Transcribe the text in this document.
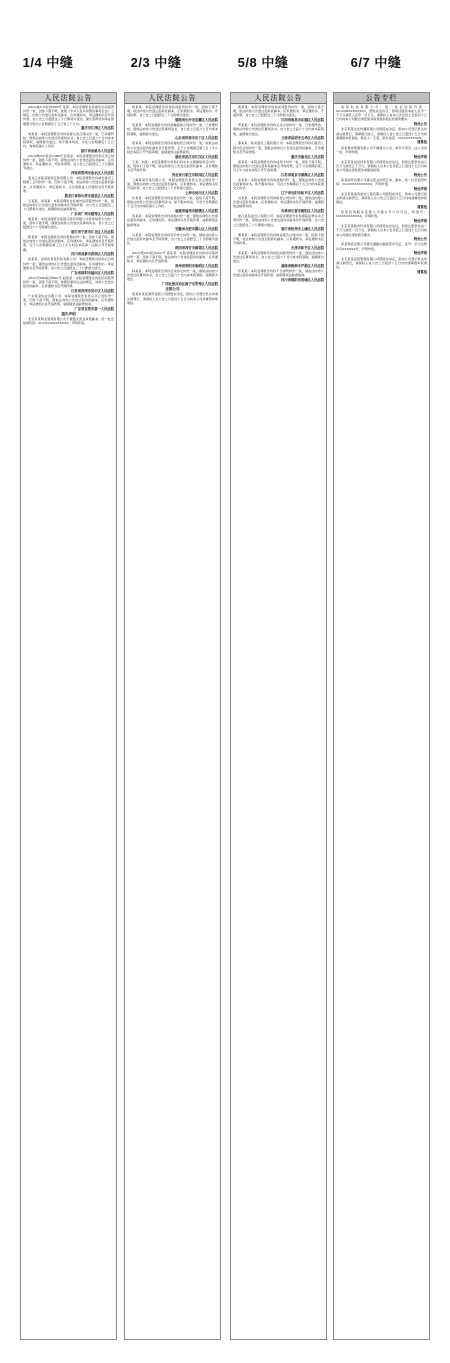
1/4 中缝	2/3 中缝	5/8 中缝	6/7 中缝
人民法院公告

(2021)渝0116民初9300号 某某：本院受理原告诉被告民间借贷纠纷一案，因你下落不明，依照《中华人民共和国民事诉讼法》之规定，向你公告送达起诉状副本、应诉通知书、举证通知书及开庭传票。自公告之日起经过三十日即视为送达。提出答辩状和举证的期限分别为公告期满后十五日和三十日内。

重庆市江津区人民法院

刘某某：本院受理原告诉你房屋买卖合同纠纷一案，已审理终结。现依法向你公告送达民事判决书。自公告之日起六十日内来本院领取，逾期视为送达。如不服本判决，可在公告期满后十五日内，向本院递交上诉状。

浙江省余姚市人民法院

(2021)豫0105民初15288号 张某某：本院受理原告诉你买卖合同纠纷一案，因你下落不明，现依法向你公告送达起诉状副本、应诉通知书、举证通知书、开庭传票等。自公告之日起经过三十日即视为送达。

河南省郑州市金水区人民法院

黑龙江省某某建筑安装有限公司：本院受理原告诉被告建设工程施工合同纠纷一案，因你下落不明，依法向你公告送达起诉状副本、应诉通知书、举证通知书、合议庭组成人员通知书及开庭传票。

黑龙江省哈尔滨市道里区人民法院

王某某、李某某：本院受理原告诉被告民间借贷纠纷一案，现依法向你们公告送达起诉状副本及开庭传票。自公告之日起经过三十日即视为送达，逾期将依法缺席裁判。

广东省广州市越秀区人民法院

周某某：本院受理原告某银行股份有限公司诉你信用卡纠纷一案，因你下落不明，现依法向你公告送达民事判决书。自公告之日起经过六十日即视为送达。

浙江省宁波市江北区人民法院

陈某某：本院受理原告诉你离婚纠纷一案，因你下落不明，现依法向你公告送达起诉状副本、应诉通知书、举证通知书及开庭传票，定于公告期满后第三日上午九时在本院第一法庭公开开庭审理。

四川省成都市武侯区人民法院

孙某某、深圳市某某科技有限公司：本院受理原告诉你们合同纠纷一案，现依法向你们公告送达起诉状副本、应诉通知书、举证通知书及开庭传票。自公告之日起经过三十日即视为送达。

广东省深圳市福田区人民法院

(2021)苏0506民初8821号 赵某某：本院受理原告诉你民间借贷纠纷一案，因你下落不明，依照民事诉讼法的规定，向你公告送达起诉状副本、应诉通知书及开庭传票。

江苏省苏州市吴中区人民法院

广东某某实业有限公司：本院受理原告诉你买卖合同纠纷一案，因你下落不明，现依法向你公告送达起诉状副本、应诉通知书、举证通知书及开庭传票。逾期将依法缺席判决。

广东省东莞市第一人民法院
遗失声明

北京某某物业管理有限公司不慎遗失营业执照副本，统一社会信用代码：91110105XXXXXXXX，声明作废。

人民法院公告

杨某某：本院受理原告诉你民间借贷纠纷一案，因你下落不明，依法向你公告送达起诉状副本、应诉通知书、举证通知书、开庭传票。自公告之日起经过三十日即视为送达。

湖南省长沙市岳麓区人民法院

吴某某：本院受理原告诉你金融借款合同纠纷一案，已审理终结。现依法向你公告送达民事判决书，自公告之日起六十日内来本院领取，逾期视为送达。

山东省济南市历下区人民法院

郑某某：本院受理原告诉你房屋租赁合同纠纷一案，现依法向你公告送达起诉状副本及开庭传票，定于公告期满后第三日上午九时在本院公开开庭审理，逾期将依法缺席裁判。

湖北省武汉市江汉区人民法院

王某、刘某：本院受理原告诉你们机动车交通事故责任纠纷一案，因你们下落不明，依法向你们公告送达起诉状副本、应诉通知书及开庭传票。

河北省石家庄市桥西区人民法院

上海某某贸易有限公司：本院受理原告诉你买卖合同纠纷一案，现依法向你公告送达起诉状副本、应诉通知书、举证通知书及开庭传票。自公告之日起经过三十日即视为送达。

上海市闵行区人民法院

许某某：本院受理原告诉你追偿权纠纷一案，因你下落不明，现依法向你公告送达民事判决书。如不服本判决，可在公告期满后十五日内向本院递交上诉状。

福建省福州市鼓楼区人民法院

何某某：本院受理原告诉你离婚纠纷一案，现依法向你公告送达起诉状副本、应诉通知书、举证通知书及开庭传票。逾期将依法缺席判决。

安徽省合肥市蜀山区人民法院

马某某：本院受理原告诉你劳动争议纠纷一案，现依法向你公告送达起诉状副本及开庭传票，自公告之日起经过三十日即视为送达。

陕西省西安市雁塔区人民法院

(2021)贵0102民初6611号 高某某：本院受理原告诉你民间借贷纠纷一案，因你下落不明，依法向你公告送达起诉状副本、应诉通知书、举证通知书及开庭传票。

贵州省贵阳市南明区人民法院

林某某：本院受理原告诉你合伙协议纠纷一案，现依法向你公告送达民事判决书，自公告之日起六十日内来本院领取，逾期视为送达。

广西壮族自治区南宁市青秀区人民法院
注销公告

某某市某某商贸有限公司经股东决定，拟向公司登记机关申请注销登记，请债权人自公告之日起四十五日内向本公司清算组申报债权。

人民法院公告

黄某某：本院受理原告诉你民间借贷纠纷一案，因你下落不明，依法向你公告送达起诉状副本、应诉通知书、举证通知书、开庭传票。自公告之日起经过三十日即视为送达。

江西省南昌市东湖区人民法院

罗某某：本院受理原告诉你买卖合同纠纷一案，已审理终结。现依法向你公告送达民事判决书，自公告之日起六十日内来本院领取，逾期视为送达。

云南省昆明市五华区人民法院

谢某某、某某建设工程有限公司：本院受理原告诉你们建设工程分包合同纠纷一案，现依法向你们公告送达起诉状副本、应诉通知书及开庭传票。

重庆市渝北区人民法院

唐某某：本院受理原告诉你信用卡纠纷一案，因你下落不明，现依法向你公告送达起诉状副本及开庭传票，定于公告期满后第三日上午九时在本院公开开庭审理。

江苏省南京市秦淮区人民法院

宋某某：本院受理原告诉你离婚纠纷一案，现依法向你公告送达民事判决书。如不服本判决，可在公告期满后十五日内向本院递交上诉状。

辽宁省沈阳市和平区人民法院

冯某某：本院受理原告诉你租赁合同纠纷一案，现依法向你公告送达起诉状副本、应诉通知书、举证通知书及开庭传票。逾期将依法缺席判决。

吉林省长春市朝阳区人民法院

浙江某某进出口有限公司：本院受理原告诉你国际货物买卖合同纠纷一案，现依法向你公告送达起诉状副本及开庭传票，自公告之日起经过三十日即视为送达。

浙江省杭州市上城区人民法院

曹某某：本院受理原告诉你物业服务合同纠纷一案，因你下落不明，依法向你公告送达起诉状副本、应诉通知书、举证通知书及开庭传票。

天津市和平区人民法院

邓某某：本院受理原告诉你民间借贷纠纷一案，现依法向你公告送达民事判决书，自公告之日起六十日内来本院领取，逾期视为送达。

湖南省株洲市芦淞区人民法院

彭某某：本院受理原告诉你不当得利纠纷一案，现依法向你公告送达起诉状副本及开庭传票，逾期将依法缺席裁判。

四川省绵阳市涪城区人民法院
公告专栏

某某科技有限公司：统一社会信用代码：91110108XXXXXXXX，经股东会决议，拟将注册资本由人民币一千万元减至人民币一百万元，请债权人自本公告见报之日起四十五日内向本公司提出清偿债务或者提供相应担保的要求。

特此公告

北京某某文化传播有限公司经股东决定，拟向公司登记机关申请注销登记，清算组已成立，请债权人自公告之日起四十五日内向清算组申报债权。联系人：王某，联系电话：010-XXXXXXXX。

清算组

某某餐饮管理有限公司不慎遗失公章、财务专用章、法人章各一枚，声明作废。

特此声明

北京某某信息技术有限公司经股东会决议，拟将注册资本由五百万元减至五十万元，请债权人自本公告见报之日起四十五日内向本公司提出清偿债务或提供担保。

特此公告

某某商贸有限公司遗失营业执照正本、副本，统一社会信用代码：91110105XXXXXXXX，声明作废。

特此声明

北京某某建筑装饰工程有限公司经股东决定，拟向公司登记机关申请注销登记，请债权人自公告之日起四十五日内向清算组申报债权。

清算组

某某咨询服务有限公司遗失开户许可证，核准号：JXXXXXXXXXXX，声明作废。

特此声明

北京某某教育科技有限公司经股东会决议，拟将注册资本由一千万元减至一百万元，请债权人自本公告见报之日起四十五日内向本公司提出清偿债务要求。

特此公告

某某物流有限公司遗失道路运输经营许可证，证号：京交运管许可XXXXXX号，声明作废。

特此声明

北京某某投资管理有限公司经股东决定，拟向公司登记机关申请注销登记，请债权人自公告之日起四十五日内向清算组申报债权。

清算组
